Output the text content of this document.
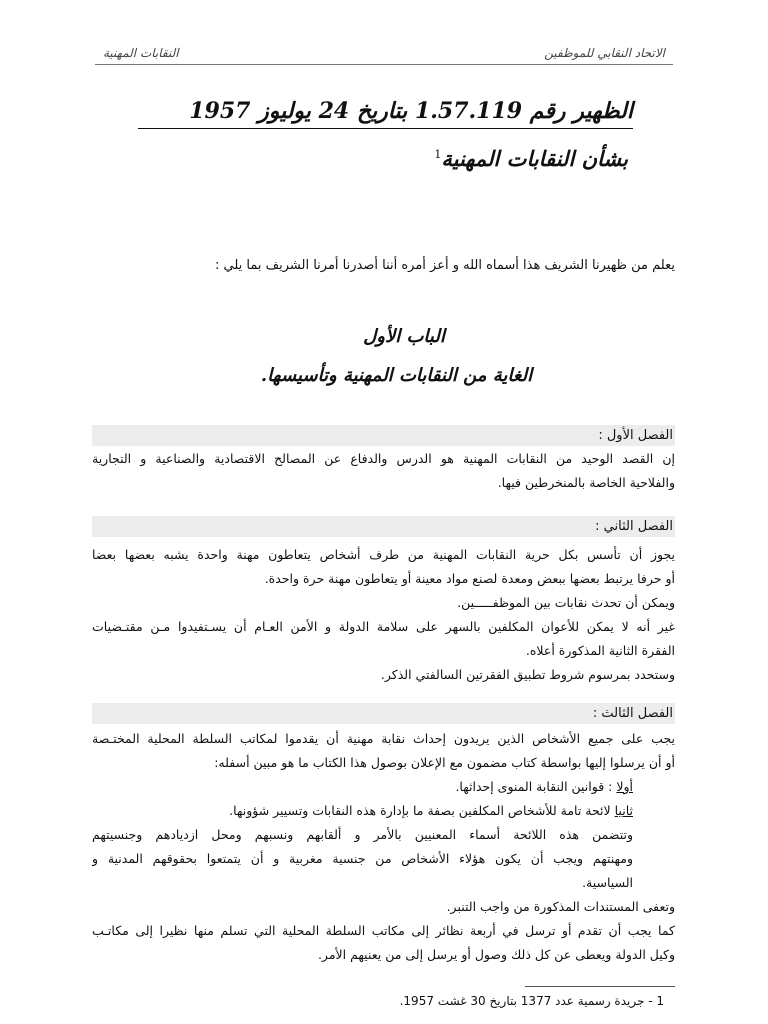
الاتحاد النقابي للموظفين
النقابات المهنية
الظهير رقم 1.57.119 بتاريخ 24 يوليوز 1957
بشأن النقابات المهنية$^1$
يعلم من ظهيرنا الشريف هذا أسماه الله و أعز أمره أننا أصدرنا أمرنا الشريف بما يلي :
الباب الأول
الغاية من النقابات المهنية وتأسيسها.
الفصل الأول :
إن القصد الوحيد من النقابات المهنية هو الدرس والدفاع عن المصالح الاقتصادية والصناعية و التجارية
والفلاحية الخاصة بالمنخرطين فيها.
الفصل الثاني :
يجوز أن تأسس بكل حرية النقابات المهنية من طرف أشخاص يتعاطون مهنة واحدة يشبه بعضها بعضا
أو حرفا يرتبط بعضها ببعض ومعدة لصنع مواد معينة أو يتعاطون مهنة حرة واحدة.
ويمكن أن تحدث نقابات بين الموظفـــــين.
غير أنه لا يمكن للأعوان المكلفين بالسهر على سلامة الدولة و الأمن العـام أن يسـتفيدوا مـن مقتـضيات
الفقرة الثانية المذكورة أعلاه.
وستحدد بمرسوم شروط تطبيق الفقرتين السالفتي الذكر.
الفصل الثالث :
يجب على جميع الأشخاص الذين يريدون إحداث نقابة مهنية أن يقدموا لمكاتب السلطة المحلية المختـصة
أو أن يرسلوا إليها بواسطة كتاب مضمون مع الإعلان بوصول هذا الكتاب ما هو مبين أسفله:
أولا : قوانين النقابة المنوى إحداثها.
ثانيا لائحة تامة للأشخاص المكلفين بصفة ما بإدارة هذه النقابات وتسيير شؤونها.
وتتضمن هذه اللائحة أسماء المعنيين بالأمر و ألقابهم ونسبهم ومحل ازديادهم وجنسيتهم
ومهنتهم ويجب أن يكون هؤلاء الأشخاص من جنسية مغربية و أن يتمتعوا بحقوقهم المدنية و
السياسية.
وتعفى المستندات المذكورة من واجب التنبر.
كما يجب أن تقدم أو ترسل في أربعة نظائر إلى مكاتب السلطة المحلية التي تسلم منها نظيرا إلى مكاتـب
وكيل الدولة ويعطى عن كل ذلك وصول أو يرسل إلى من يعنيهم الأمر.
1 - جريدة رسمية عدد 1377 بتاريخ 30 غشت 1957.
